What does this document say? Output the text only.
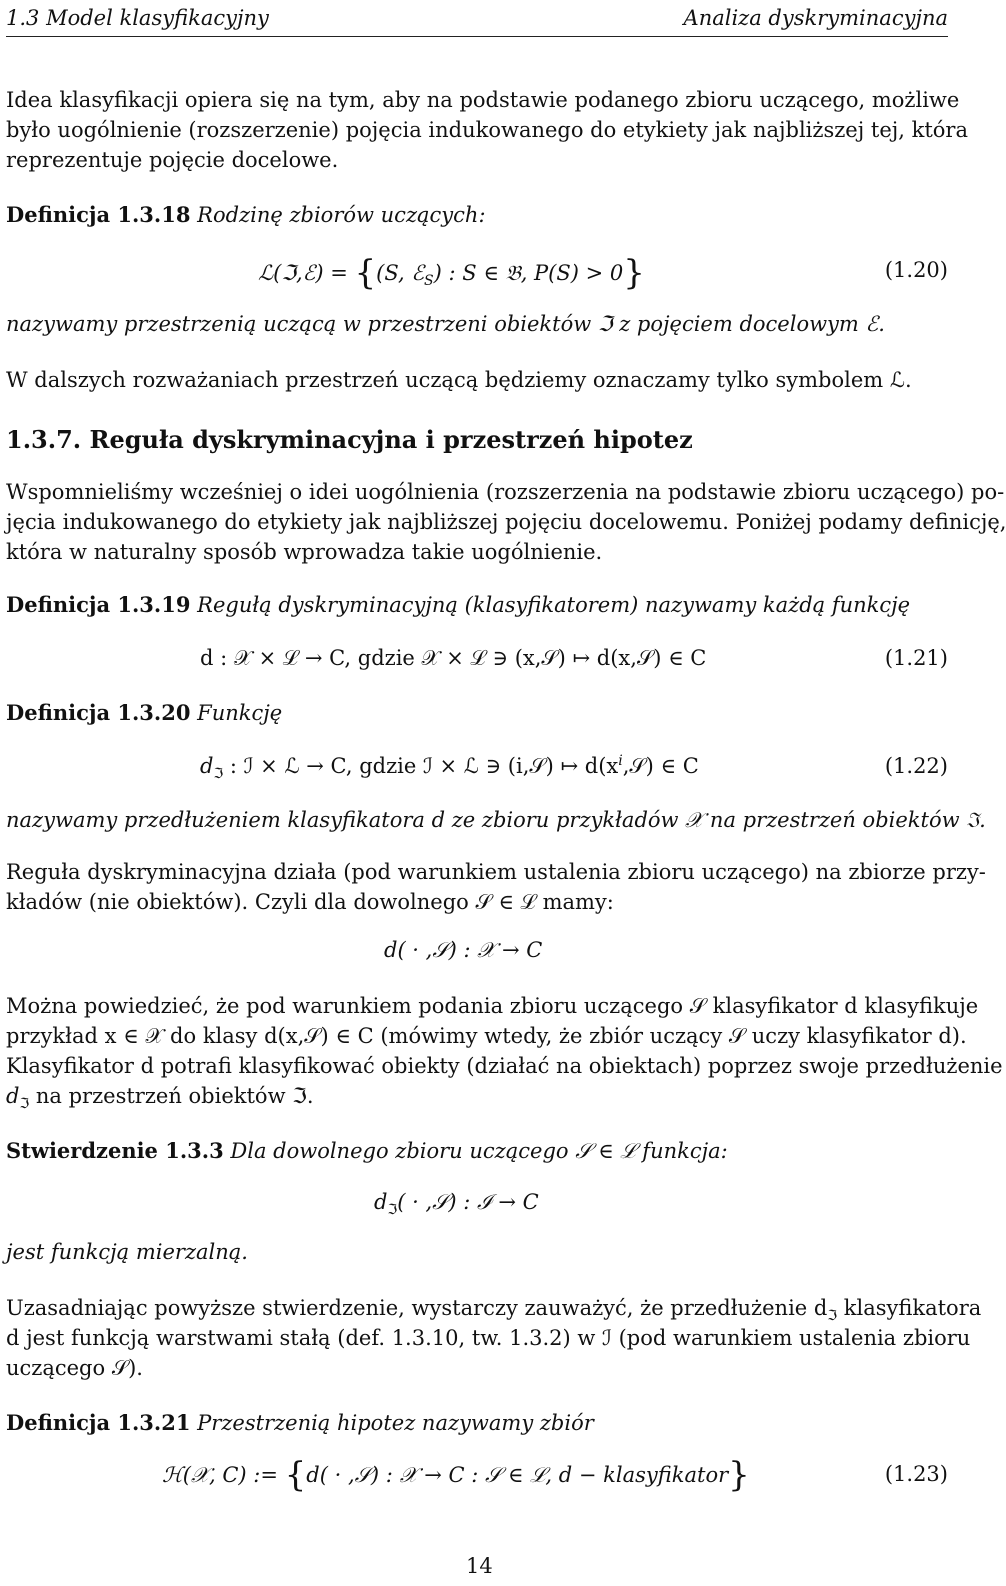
1.3 Model klasyfikacyjny	Analiza dyskryminacyjna
Idea klasyfikacji opiera się na tym, aby na podstawie podanego zbioru uczącego, możliwe
było uogólnienie (rozszerzenie) pojęcia indukowanego do etykiety jak najbliższej tej, która
reprezentuje pojęcie docelowe.
Definicja 1.3.18 Rodzinę zbiorów uczących:
ℒ(ℑ,ℰ) = {(S, ℰ$_S$) : S ∈ 𝔅, P(S) > 0}	(1.20)
nazywamy przestrzenią uczącą w przestrzeni obiektów ℑ z pojęciem docelowym ℰ.
W dalszych rozważaniach przestrzeń uczącą będziemy oznaczamy tylko symbolem ℒ.
1.3.7. Reguła dyskryminacyjna i przestrzeń hipotez
Wspomnieliśmy wcześniej o idei uogólnienia (rozszerzenia na podstawie zbioru uczącego) po-
jęcia indukowanego do etykiety jak najbliższej pojęciu docelowemu. Poniżej podamy definicję,
która w naturalny sposób wprowadza takie uogólnienie.
Definicja 1.3.19 Regułą dyskryminacyjną (klasyfikatorem) nazywamy każdą funkcję
d : 𝒳 × ℒ → C, gdzie 𝒳 × ℒ ∋ (x,𝒮) ↦ d(x,𝒮) ∈ C	(1.21)
Definicja 1.3.20 Funkcję
$d_ℑ$ : ℐ × ℒ → C, gdzie ℐ × ℒ ∋ (i,𝒮) ↦ $d(x^i,𝒮)$ ∈ C	(1.22)
nazywamy przedłużeniem klasyfikatora d ze zbioru przykładów 𝒳 na przestrzeń obiektów ℑ.
Reguła dyskryminacyjna działa (pod warunkiem ustalenia zbioru uczącego) na zbiorze przy-
kładów (nie obiektów). Czyli dla dowolnego 𝒮 ∈ ℒ mamy:
d( · ,𝒮) : 𝒳 → C
Można powiedzieć, że pod warunkiem podania zbioru uczącego 𝒮 klasyfikator d klasyfikuje
przykład x ∈ 𝒳 do klasy d(x,𝒮) ∈ C (mówimy wtedy, że zbiór uczący 𝒮 uczy klasyfikator d).
Klasyfikator d potrafi klasyfikować obiekty (działać na obiektach) poprzez swoje przedłużenie
$d_ℑ$ na przestrzeń obiektów ℑ.
Stwierdzenie 1.3.3 Dla dowolnego zbioru uczącego 𝒮 ∈ ℒ funkcja:
$d_ℑ$( · ,𝒮) : ℐ → C
jest funkcją mierzalną.
Uzasadniając powyższe stwierdzenie, wystarczy zauważyć, że przedłużenie $d_ℑ$ klasyfikatora
d jest funkcją warstwami stałą (def. 1.3.10, tw. 1.3.2) w ℐ (pod warunkiem ustalenia zbioru
uczącego 𝒮).
Definicja 1.3.21 Przestrzenią hipotez nazywamy zbiór
ℋ(𝒳, C) := {d( · ,𝒮) : 𝒳 → C : 𝒮 ∈ ℒ, d − klasyfikator}	(1.23)
14
